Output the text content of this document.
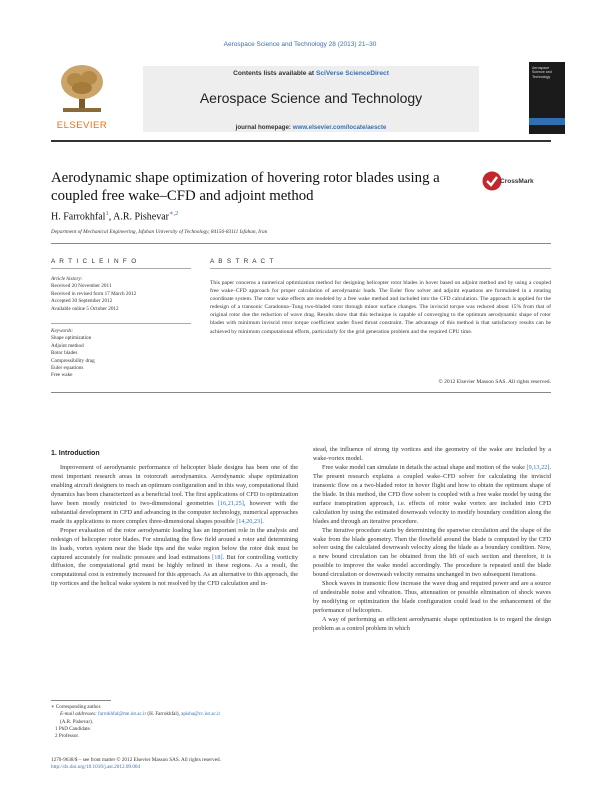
Aerospace Science and Technology 28 (2013) 21–30
ELSEVIER
Contents lists available at SciVerse ScienceDirect
Aerospace Science and Technology
journal homepage: www.elsevier.com/locate/aescte
Aerospace Science and Technology
Aerodynamic shape optimization of hovering rotor blades using a coupled free wake–CFD and adjoint method
CrossMark
H. Farrokhfal$^1$, A.R. Pishevar$^{∗,2}$
Department of Mechanical Engineering, Isfahan University of Technology, 84156-83111 Isfahan, Iran
A R T I C L E I N F O	A B S T R A C T
Article history:
Received 20 November 2011
Received in revised form 17 March 2012
Accepted 30 September 2012
Available online 5 October 2012
Keywords:
Shape optimization
Adjoint method
Rotor blades
Compressibility drag
Euler equations
Free wake
This paper concerns a numerical optimization method for designing helicopter rotor blades in hover based on adjoint method and by using a coupled free wake–CFD approach for proper calculation of aerodynamic loads. The Euler flow solver and adjoint equations are formulated in a rotating coordinate system. The rotor wake effects are modeled by a free wake method and included into the CFD calculation. The approach is applied for the redesign of a transonic Caradonna–Tung two-bladed rotor through minor surface changes. The inviscid torque was reduced about 15% from that of original rotor due the reduction of wave drag. Results show that this technique is capable of converging to the optimum aerodynamic shape of rotor blades with minimum inviscid rotor torque coefficient under fixed thrust constraint. The advantage of this method is that satisfactory results can be achieved by minimum computational efforts, particularly for the grid generation problem and the required CPU time.
© 2012 Elsevier Masson SAS. All rights reserved.
1. Introduction

Improvement of aerodynamic performance of helicopter blade designs has been one of the most important research areas in rotorcraft aerodynamics. Aerodynamic shape optimization enabling aircraft designers to reach an optimum configuration and in this way, computational fluid dynamics has been characterized as a beneficial tool. The first applications of CFD to optimization have been mostly restricted to two-dimensional geometries [16,21,25], however with the substantial development in CFD and advancing in the computer technology, numerical approaches made its applications to more complex three-dimensional shapes possible [14,20,23].

Proper evaluation of the rotor aerodynamic loading has an important role in the analysis and redesign of helicopter rotor blades. For simulating the flow field around a rotor and determining its loads, vortex system near the blade tips and the wake region below the rotor disk must be captured accurately for realistic pressure and load estimations [18]. But for controlling vorticity diffusion, the computational grid must be highly refined in these regions. As a result, the computational cost is extremely increased for this approach. As an alternative to this approach, the tip vortices and the helical wake system is not resolved by the CFD calculation and in-

stead, the influence of strong tip vortices and the geometry of the wake are included by a wake-vortex model.

Free wake model can simulate in details the actual shape and motion of the wake [9,13,22]. The present research explains a coupled wake–CFD solver for calculating the inviscid transonic flow on a two-bladed rotor in hover flight and how to obtain the optimum shape of the blade. In this method, the CFD flow solver is coupled with a free wake model by using the surface transpiration approach, i.e. effects of rotor wake vortex are included into CFD calculation by using the estimated downwash velocity to modify boundary condition along the blades and through an iterative procedure.

The iterative procedure starts by determining the spanwise circulation and the shape of the wake from the blade geometry. Then the flowfield around the blade is computed by the CFD solver using the calculated downwash velocity along the blade as a boundary condition. Now, a new bound circulation can be obtained from the lift of each section and therefore, it is possible to improve the wake model accordingly. The procedure is repeated until the blade bound circulation or downwash velocity remains unchanged in two subsequent iterations.

Shock waves in transonic flow increase the wave drag and required power and are a source of undesirable noise and vibration. Thus, attenuation or possible elimination of shock waves by modifying or optimization the blade configuration could lead to the enhancement of the performance of helicopters.

A way of performing an efficient aerodynamic shape optimization is to regard the design problem as a control problem in which

∗ Corresponding author.
E-mail addresses: farrokhfal@me.iut.ac.ir (H. Farrokhfal), apisha@cc.iut.ac.ir
(A.R. Pishevar).
1 PhD Candidate.
2 Professor.
1270-9638/$ – see front matter © 2012 Elsevier Masson SAS. All rights reserved.
http://dx.doi.org/10.1016/j.ast.2012.09.004
